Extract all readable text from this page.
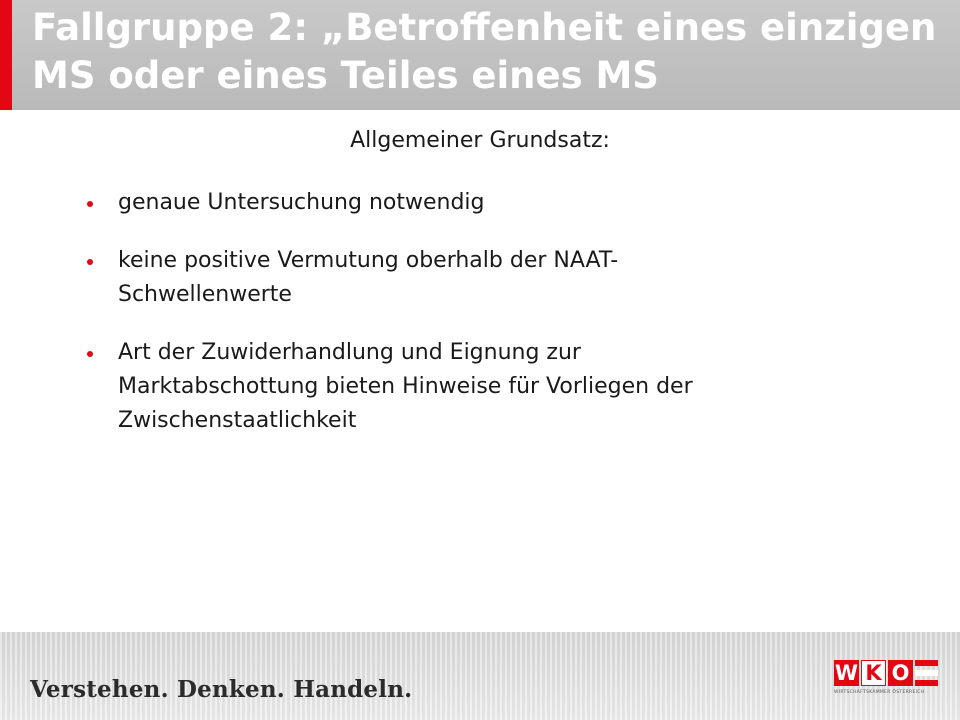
Fallgruppe 2: „Betroffenheit eines einzigen
MS oder eines Teiles eines MS
Allgemeiner Grundsatz:
genaue Untersuchung notwendig
keine positive Vermutung oberhalb der NAAT-
Schwellenwerte
Art der Zuwiderhandlung und Eignung zur
Marktabschottung bieten Hinweise für Vorliegen der
Zwischenstaatlichkeit
Verstehen. Denken. Handeln.
W K O
WIRTSCHAFTSKAMMER ÖSTERREICH
